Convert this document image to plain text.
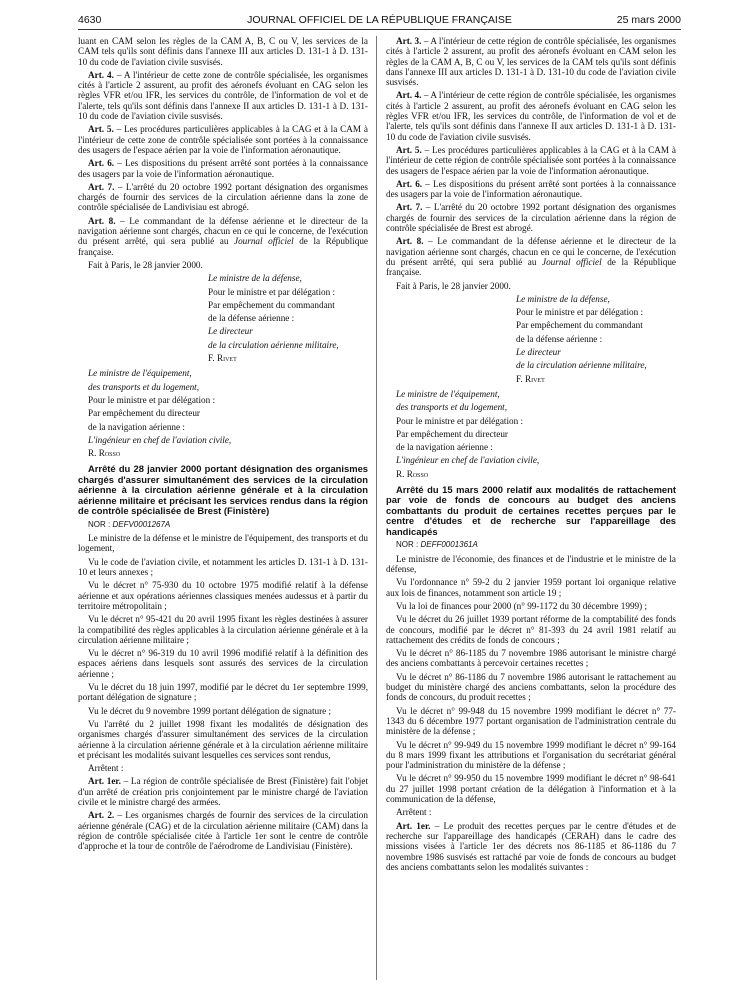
4630	JOURNAL OFFICIEL DE LA RÉPUBLIQUE FRANÇAISE	25 mars 2000

luant en CAM selon les règles de la CAM A, B, C ou V, les services de la CAM tels qu'ils sont définis dans l'annexe III aux articles D. 131-1 à D. 131-10 du code de l'aviation civile susvisés.

Art. 4. – A l'intérieur de cette zone de contrôle spécialisée, les organismes cités à l'article 2 assurent, au profit des aéronefs évoluant en CAG selon les règles VFR et/ou IFR, les services du contrôle, de l'information de vol et de l'alerte, tels qu'ils sont définis dans l'annexe II aux articles D. 131-1 à D. 131-10 du code de l'aviation civile susvisés.

Art. 5. – Les procédures particulières applicables à la CAG et à la CAM à l'intérieur de cette zone de contrôle spécialisée sont portées à la connaissance des usagers de l'espace aérien par la voie de l'information aéronautique.

Art. 6. – Les dispositions du présent arrêté sont portées à la connaissance des usagers par la voie de l'information aéronautique.

Art. 7. – L'arrêté du 20 octobre 1992 portant désignation des organismes chargés de fournir des services de la circulation aérienne dans la zone de contrôle spécialisée de Landivisiau est abrogé.

Art. 8. – Le commandant de la défense aérienne et le directeur de la navigation aérienne sont chargés, chacun en ce qui le concerne, de l'exécution du présent arrêté, qui sera publié au Journal officiel de la République française.

Fait à Paris, le 28 janvier 2000.

Le ministre de la défense,

Pour le ministre et par délégation :

Par empêchement du commandant

de la défense aérienne :

Le directeur

de la circulation aérienne militaire,

F. Rivet

Le ministre de l'équipement,

des transports et du logement,

Pour le ministre et par délégation :

Par empêchement du directeur

de la navigation aérienne :

L'ingénieur en chef de l'aviation civile,

R. Rosso

Arrêté du 28 janvier 2000 portant désignation des organismes chargés d'assurer simultanément des services de la circulation aérienne à la circulation aérienne générale et à la circulation aérienne militaire et précisant les services rendus dans la région de contrôle spécialisée de Brest (Finistère)

NOR : DEFV0001267A

Le ministre de la défense et le ministre de l'équipement, des transports et du logement,

Vu le code de l'aviation civile, et notamment les articles D. 131-1 à D. 131-10 et leurs annexes ;

Vu le décret n° 75-930 du 10 octobre 1975 modifié relatif à la défense aérienne et aux opérations aériennes classiques menées audessus et à partir du territoire métropolitain ;

Vu le décret n° 95-421 du 20 avril 1995 fixant les règles destinées à assurer la compatibilité des règles applicables à la circulation aérienne générale et à la circulation aérienne militaire ;

Vu le décret n° 96-319 du 10 avril 1996 modifié relatif à la définition des espaces aériens dans lesquels sont assurés des services de la circulation aérienne ;

Vu le décret du 18 juin 1997, modifié par le décret du 1er septembre 1999, portant délégation de signature ;

Vu le décret du 9 novembre 1999 portant délégation de signature ;

Vu l'arrêté du 2 juillet 1998 fixant les modalités de désignation des organismes chargés d'assurer simultanément des services de la circulation aérienne à la circulation aérienne générale et à la circulation aérienne militaire et précisant les modalités suivant lesquelles ces services sont rendus,

Arrêtent :

Art. 1er. – La région de contrôle spécialisée de Brest (Finistère) fait l'objet d'un arrêté de création pris conjointement par le ministre chargé de l'aviation civile et le ministre chargé des armées.

Art. 2. – Les organismes chargés de fournir des services de la circulation aérienne générale (CAG) et de la circulation aérienne militaire (CAM) dans la région de contrôle spécialisée citée à l'article 1er sont le centre de contrôle d'approche et la tour de contrôle de l'aérodrome de Landivisiau (Finistère).

Art. 3. – A l'intérieur de cette région de contrôle spécialisée, les organismes cités à l'article 2 assurent, au profit des aéronefs évoluant en CAM selon les règles de la CAM A, B, C ou V, les services de la CAM tels qu'ils sont définis dans l'annexe III aux articles D. 131-1 à D. 131-10 du code de l'aviation civile susvisés.

Art. 4. – A l'intérieur de cette région de contrôle spécialisée, les organismes cités à l'article 2 assurent, au profit des aéronefs évoluant en CAG selon les règles VFR et/ou IFR, les services du contrôle, de l'information de vol et de l'alerte, tels qu'ils sont définis dans l'annexe II aux articles D. 131-1 à D. 131-10 du code de l'aviation civile susvisés.

Art. 5. – Les procédures particulières applicables à la CAG et à la CAM à l'intérieur de cette région de contrôle spécialisée sont portées à la connaissance des usagers de l'espace aérien par la voie de l'information aéronautique.

Art. 6. – Les dispositions du présent arrêté sont portées à la connaissance des usagers par la voie de l'information aéronautique.

Art. 7. – L'arrêté du 20 octobre 1992 portant désignation des organismes chargés de fournir des services de la circulation aérienne dans la région de contrôle spécialisée de Brest est abrogé.

Art. 8. – Le commandant de la défense aérienne et le directeur de la navigation aérienne sont chargés, chacun en ce qui le concerne, de l'exécution du présent arrêté, qui sera publié au Journal officiel de la République française.

Fait à Paris, le 28 janvier 2000.

Le ministre de la défense,

Pour le ministre et par délégation :

Par empêchement du commandant

de la défense aérienne :

Le directeur

de la circulation aérienne militaire,

F. Rivet

Le ministre de l'équipement,

des transports et du logement,

Pour le ministre et par délégation :

Par empêchement du directeur

de la navigation aérienne :

L'ingénieur en chef de l'aviation civile,

R. Rosso

Arrêté du 15 mars 2000 relatif aux modalités de rattachement par voie de fonds de concours au budget des anciens combattants du produit de certaines recettes perçues par le centre d'études et de recherche sur l'appareillage des handicapés

NOR : DEFF0001361A

Le ministre de l'économie, des finances et de l'industrie et le ministre de la défense,

Vu l'ordonnance n° 59-2 du 2 janvier 1959 portant loi organique relative aux lois de finances, notamment son article 19 ;

Vu la loi de finances pour 2000 (n° 99-1172 du 30 décembre 1999) ;

Vu le décret du 26 juillet 1939 portant réforme de la comptabilité des fonds de concours, modifié par le décret n° 81-393 du 24 avril 1981 relatif au rattachement des crédits de fonds de concours ;

Vu le décret n° 86-1185 du 7 novembre 1986 autorisant le ministre chargé des anciens combattants à percevoir certaines recettes ;

Vu le décret n° 86-1186 du 7 novembre 1986 autorisant le rattachement au budget du ministère chargé des anciens combattants, selon la procédure des fonds de concours, du produit recettes ;

Vu le décret n° 99-948 du 15 novembre 1999 modifiant le décret n° 77-1343 du 6 décembre 1977 portant organisation de l'administration centrale du ministère de la défense ;

Vu le décret n° 99-949 du 15 novembre 1999 modifiant le décret n° 99-164 du 8 mars 1999 fixant les attributions et l'organisation du secrétariat général pour l'administration du ministère de la défense ;

Vu le décret n° 99-950 du 15 novembre 1999 modifiant le décret n° 98-641 du 27 juillet 1998 portant création de la délégation à l'information et à la communication de la défense,

Arrêtent :

Art. 1er. – Le produit des recettes perçues par le centre d'études et de recherche sur l'appareillage des handicapés (CERAH) dans le cadre des missions visées à l'article 1er des décrets nos 86-1185 et 86-1186 du 7 novembre 1986 susvisés est rattaché par voie de fonds de concours au budget des anciens combattants selon les modalités suivantes :
